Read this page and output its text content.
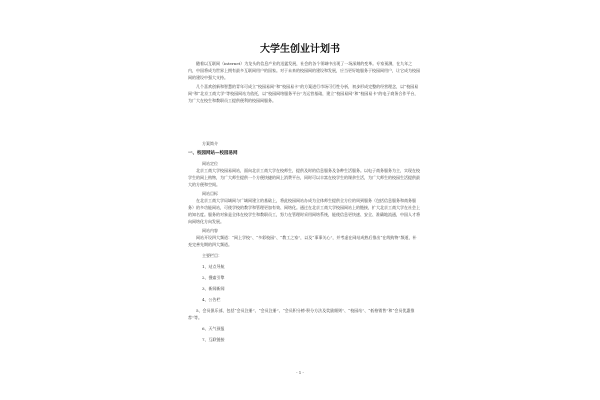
大学生创业计划书

随着以互联网（internet）为龙头的信息产业的迅猛发展，社会的各个领域中出现了一场深刻的变革。专家预测，在九年之内，中国将成为世界上拥有最多互联网用户的国家。对于未来的校园网的建设和发展，应当更好地服务于校园网用户，让它成为校园网的建设中强大支持。

几个喜欢创新和智慧的青年可成立“校园易网”和“校园易卡”的方案进行市场可行性分析，初步形成完整的经营理念，以“校园易网”和“北京工商大学”等校园网站为依托，以“校园网络服务平台”为运营基础，建立“校园易网”和“校园易卡”的电子商务合作平台，为广大在校生和教职员工提供便利的校园网服务。

方案简介

一、校园网站—校园易网

网站定位

北京工商大学校园易网站，面向北京工商大学在校师生，提供及时的信息服务及各种生活服务。以电子商务服务为主，实现在校学生的网上购物，为广大师生提供一个方便快捷的网上消费平台，同时可以丰富在校学生的课余生活，为广大师生的校园生活提供最大的方便和空间。

网站目标

在北京工商大学局域网与广域网建立的基础上，将此校园网站办成为全体师生提供全方位的周到服务（包括信息服务和商务服务）的多功能网站，可使学校的教学和管理更加有效、网络化。通过在北京工商大学校园网站上的链接，扩大北京工商大学在社会上的知名度。服务的对象是全体在校学生和教职员工，努力在管理时采用网络系统，能使信息更快速、安全、准确地流通，中国人才将向网络化方向发展。

网站内容

网站开设四大频道：“网上学校”、“多彩校园”、“教工之家”，以及“事事关心”，并考虑在网站成熟后推出“在线购物”频道，补充完善先期的四大频道。

主要栏目：

1、站点导航

2、搜索引擎

3、新闻新闻

4、公告栏

5、会员俱乐部，包括“会员注册”、“会员注册”、“会员积分榜-积分方法及奖励细则”、“校园站”、“低格销售”和“会员优惠推荐”等。

6、天气预报

7、互联链接

- 1 -
